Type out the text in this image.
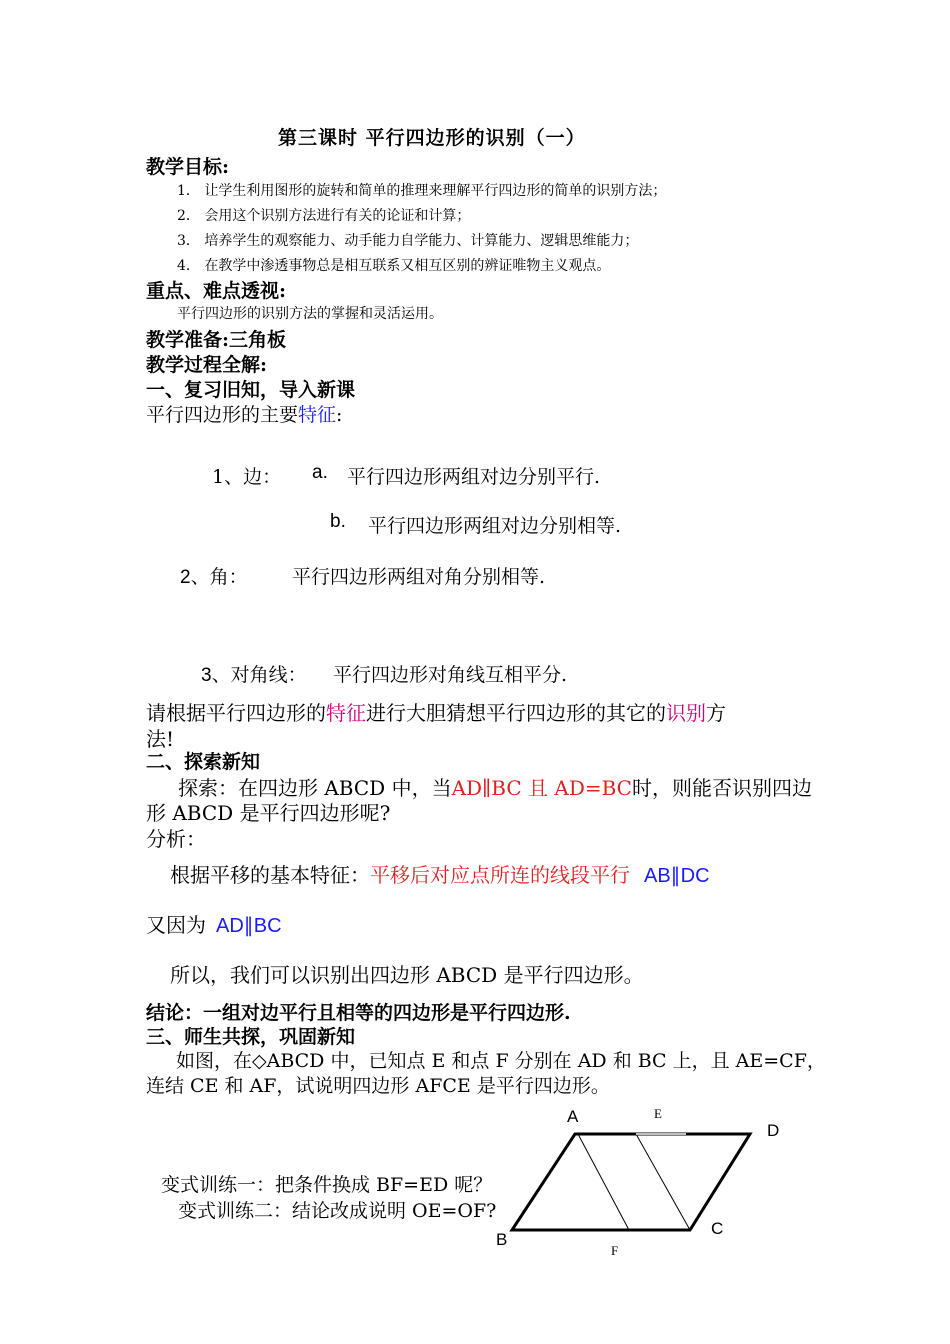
第三课时 平行四边形的识别（一）
教学目标:
1． 让学生利用图形的旋转和简单的推理来理解平行四边形的简单的识别方法；
2． 会用这个识别方法进行有关的论证和计算；
3． 培养学生的观察能力、动手能力自学能力、计算能力、逻辑思维能力；
4． 在教学中渗透事物总是相互联系又相互区别的辨证唯物主义观点。
重点、难点透视:
平行四边形的识别方法的掌握和灵活运用。
教学准备:三角板
教学过程全解:
一、复习旧知，导入新课
平行四边形的主要特征:
1、边： a. 平行四边形两组对边分别平行.
b. 平行四边形两组对边分别相等.
2、角： 平行四边形两组对角分别相等.
3、对角线： 平行四边形对角线互相平分.
请根据平行四边形的特征进行大胆猜想平行四边形的其它的识别方
法!
二、探索新知
探索：在四边形 ABCD 中，当AD∥BC 且 AD=BC时，则能否识别四边
形 ABCD 是平行四边形呢?
分析：
根据平移的基本特征：平移后对应点所连的线段平行 AB∥DC
又因为 AD∥BC
所以，我们可以识别出四边形 ABCD 是平行四边形。
结论：一组对边平行且相等的四边形是平行四边形.
三、师生共探，巩固新知
如图，在◇ABCD 中，已知点 E 和点 F 分别在 AD 和 BC 上，且 AE=CF，
连结 CE 和 AF，试说明四边形 AFCE 是平行四边形。
变式训练一：把条件换成 BF=ED 呢？
变式训练二：结论改成说明 OE=OF?
A	E
D
B
C
F
